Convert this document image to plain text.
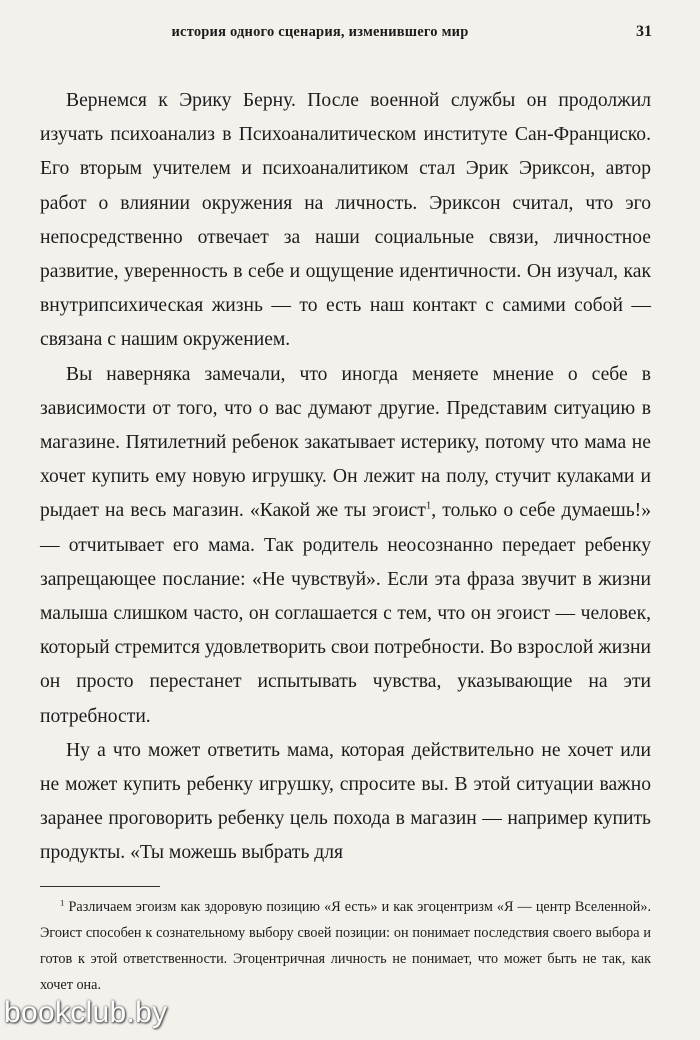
история одного сценария, изменившего мир	31

Вернемся к Эрику Берну. После военной службы он продолжил изучать психоанализ в Психоаналитическом институте Сан-Франциско. Его вторым учителем и психоаналитиком стал Эрик Эриксон, автор работ о влиянии окружения на личность. Эриксон считал, что эго непосредственно отвечает за наши социальные связи, личностное развитие, уверенность в себе и ощущение идентичности. Он изучал, как внутрипсихическая жизнь — то есть наш контакт с самими собой — связана с нашим окружением.

Вы наверняка замечали, что иногда меняете мнение о себе в зависимости от того, что о вас думают другие. Представим ситуацию в магазине. Пятилетний ребенок закатывает истерику, потому что мама не хочет купить ему новую игрушку. Он лежит на полу, стучит кулаками и рыдает на весь магазин. «Какой же ты эгоист$^1$, только о себе думаешь!» — отчитывает его мама. Так родитель неосознанно передает ребенку запрещающее послание: «Не чувствуй». Если эта фраза звучит в жизни малыша слишком часто, он соглашается с тем, что он эгоист — человек, который стремится удовлетворить свои потребности. Во взрослой жизни он просто перестанет испытывать чувства, указывающие на эти потребности.

Ну а что может ответить мама, которая действительно не хочет или не может купить ребенку игрушку, спросите вы. В этой ситуации важно заранее проговорить ребенку цель похода в магазин — например купить продукты. «Ты можешь выбрать для

$^1$ Различаем эгоизм как здоровую позицию «Я есть» и как эгоцентризм «Я — центр Вселенной». Эгоист способен к сознательному выбору своей позиции: он понимает последствия своего выбора и готов к этой ответственности. Эгоцентричная личность не понимает, что может быть не так, как хочет она.
bookclub.by
